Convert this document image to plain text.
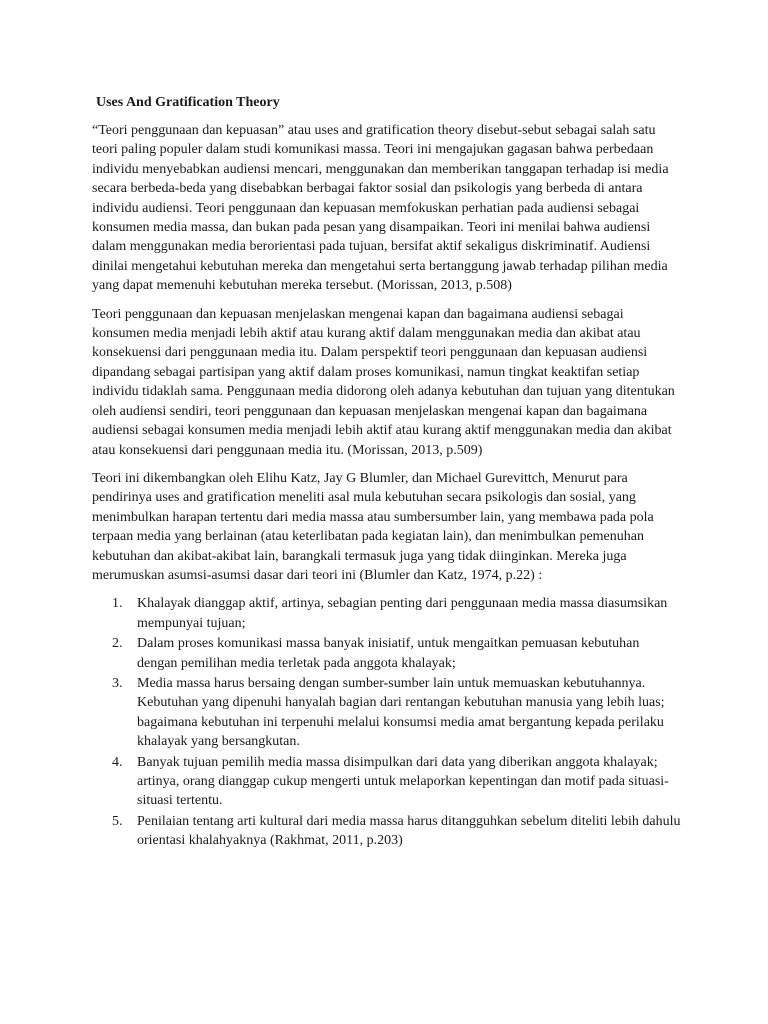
Uses And Gratification Theory

“Teori penggunaan dan kepuasan” atau uses and gratification theory disebut-sebut sebagai salah satu teori paling populer dalam studi komunikasi massa. Teori ini mengajukan gagasan bahwa perbedaan individu menyebabkan audiensi mencari, menggunakan dan memberikan tanggapan terhadap isi media secara berbeda-beda yang disebabkan berbagai faktor sosial dan psikologis yang berbeda di antara individu audiensi. Teori penggunaan dan kepuasan memfokuskan perhatian pada audiensi sebagai konsumen media massa, dan bukan pada pesan yang disampaikan. Teori ini menilai bahwa audiensi dalam menggunakan media berorientasi pada tujuan, bersifat aktif sekaligus diskriminatif. Audiensi dinilai mengetahui kebutuhan mereka dan mengetahui serta bertanggung jawab terhadap pilihan media yang dapat memenuhi kebutuhan mereka tersebut. (Morissan, 2013, p.508)

Teori penggunaan dan kepuasan menjelaskan mengenai kapan dan bagaimana audiensi sebagai konsumen media menjadi lebih aktif atau kurang aktif dalam menggunakan media dan akibat atau konsekuensi dari penggunaan media itu. Dalam perspektif teori penggunaan dan kepuasan audiensi dipandang sebagai partisipan yang aktif dalam proses komunikasi, namun tingkat keaktifan setiap individu tidaklah sama. Penggunaan media didorong oleh adanya kebutuhan dan tujuan yang ditentukan oleh audiensi sendiri, teori penggunaan dan kepuasan menjelaskan mengenai kapan dan bagaimana audiensi sebagai konsumen media menjadi lebih aktif atau kurang aktif menggunakan media dan akibat atau konsekuensi dari penggunaan media itu. (Morissan, 2013, p.509)

Teori ini dikembangkan oleh Elihu Katz, Jay G Blumler, dan Michael Gurevittch, Menurut para pendirinya uses and gratification meneliti asal mula kebutuhan secara psikologis dan sosial, yang menimbulkan harapan tertentu dari media massa atau sumbersumber lain, yang membawa pada pola terpaan media yang berlainan (atau keterlibatan pada kegiatan lain), dan menimbulkan pemenuhan kebutuhan dan akibat-akibat lain, barangkali termasuk juga yang tidak diinginkan. Mereka juga merumuskan asumsi-asumsi dasar dari teori ini (Blumler dan Katz, 1974, p.22) :

1. Khalayak dianggap aktif, artinya, sebagian penting dari penggunaan media massa diasumsikan mempunyai tujuan;
2. Dalam proses komunikasi massa banyak inisiatif, untuk mengaitkan pemuasan kebutuhan dengan pemilihan media terletak pada anggota khalayak;
3. Media massa harus bersaing dengan sumber-sumber lain untuk memuaskan kebutuhannya. Kebutuhan yang dipenuhi hanyalah bagian dari rentangan kebutuhan manusia yang lebih luas; bagaimana kebutuhan ini terpenuhi melalui konsumsi media amat bergantung kepada perilaku khalayak yang bersangkutan.
4. Banyak tujuan pemilih media massa disimpulkan dari data yang diberikan anggota khalayak; artinya, orang dianggap cukup mengerti untuk melaporkan kepentingan dan motif pada situasi-situasi tertentu.
5. Penilaian tentang arti kultural dari media massa harus ditangguhkan sebelum diteliti lebih dahulu orientasi khalahyaknya (Rakhmat, 2011, p.203)
